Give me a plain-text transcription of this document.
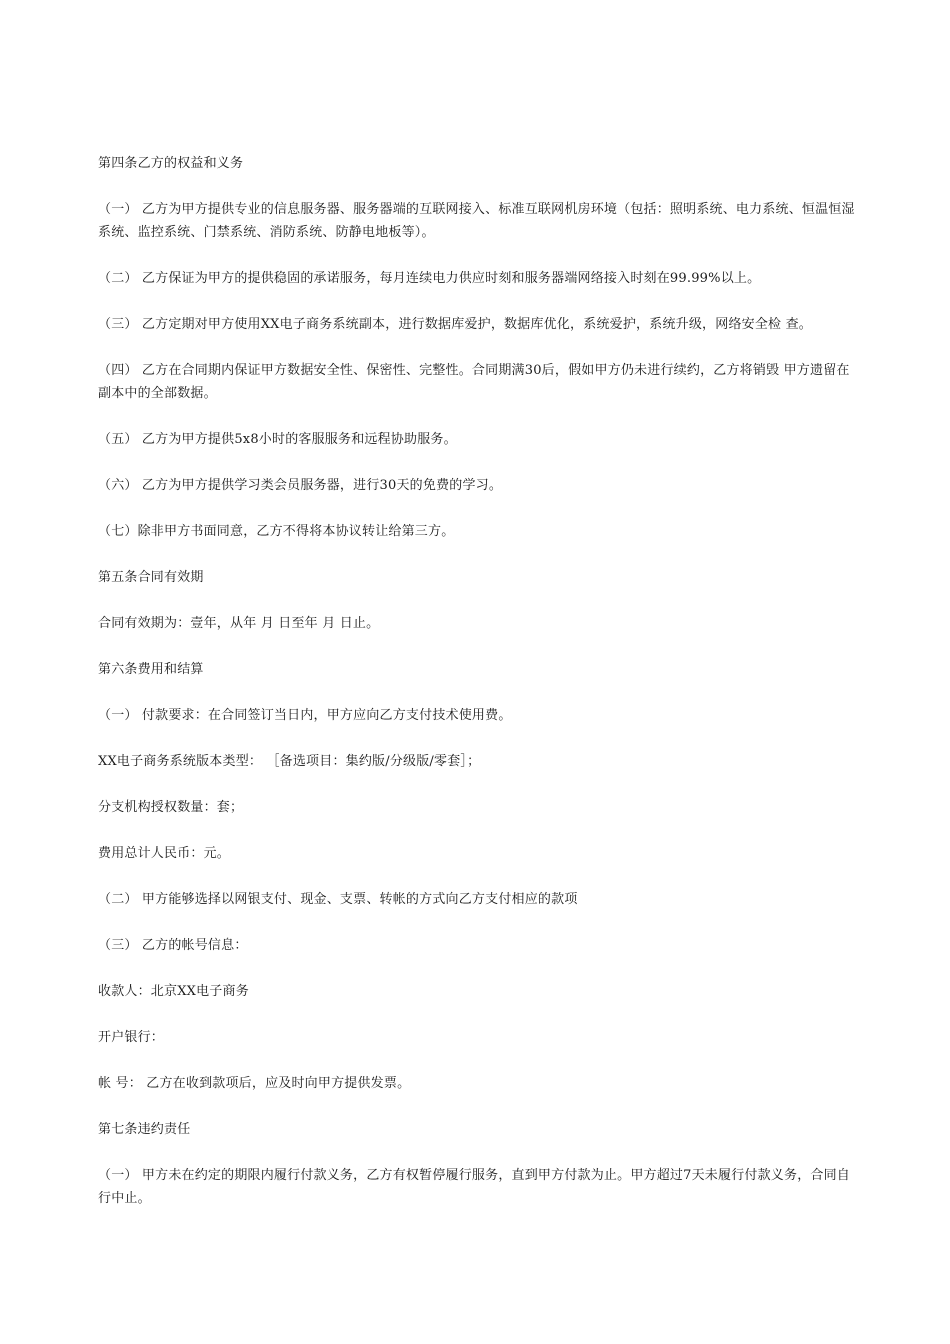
第四条乙方的权益和义务

（一） 乙方为甲方提供专业的信息服务器、服务器端的互联网接入、标准互联网机房环境（包括：照明系统、电力系统、恒温恒湿系统、监控系统、门禁系统、消防系统、防静电地板等）。

（二） 乙方保证为甲方的提供稳固的承诺服务，每月连续电力供应时刻和服务器端网络接入时刻在99.99%以上。

（三） 乙方定期对甲方使用XX电子商务系统副本，进行数据库爱护，数据库优化，系统爱护，系统升级，网络安全检 查。

（四） 乙方在合同期内保证甲方数据安全性、保密性、完整性。合同期满30后，假如甲方仍未进行续约，乙方将销毁 甲方遗留在副本中的全部数据。

（五） 乙方为甲方提供5x8小时的客服服务和远程协助服务。

（六） 乙方为甲方提供学习类会员服务器，进行30天的免费的学习。

（七）除非甲方书面同意，乙方不得将本协议转让给第三方。

第五条合同有效期

合同有效期为：壹年，从年 月 日至年 月 日止。

第六条费用和结算

（一） 付款要求：在合同签订当日内，甲方应向乙方支付技术使用费。

XX电子商务系统版本类型： ［备选项目：集约版/分级版/零套］；

分支机构授权数量：套；

费用总计人民币：元。

（二） 甲方能够选择以网银支付、现金、支票、转帐的方式向乙方支付相应的款项

（三） 乙方的帐号信息：

收款人：北京XX电子商务

开户银行：

帐 号： 乙方在收到款项后，应及时向甲方提供发票。

第七条违约责任

（一） 甲方未在约定的期限内履行付款义务，乙方有权暂停履行服务，直到甲方付款为止。甲方超过7天未履行付款义务，合同自行中止。
